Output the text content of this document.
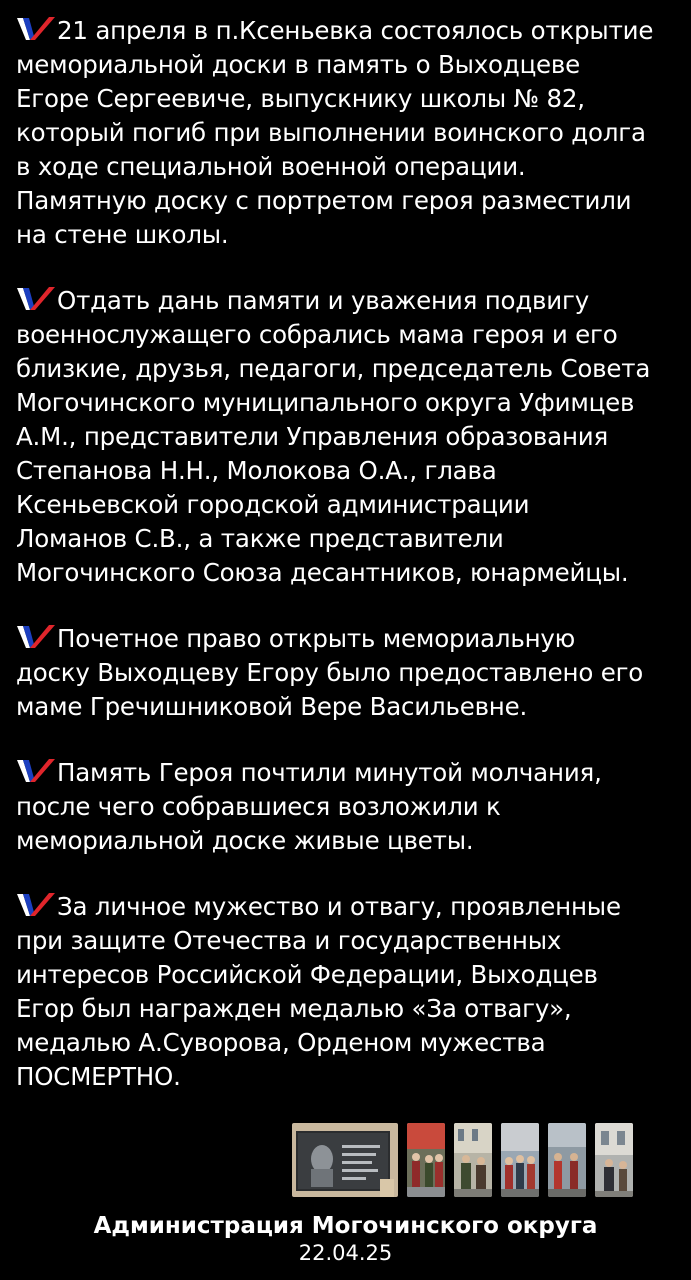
21 апреля в п.Ксеньевка состоялось открытие
мемориальной доски в память о Выходцеве
Егоре Сергеевиче, выпускнику школы № 82,
который погиб при выполнении воинского долга
в ходе специальной военной операции.
Памятную доску с портретом героя разместили
на стене школы.

Отдать дань памяти и уважения подвигу
военнослужащего собрались мама героя и его
близкие, друзья, педагоги, председатель Совета
Могочинского муниципального округа Уфимцев
А.М., представители Управления образования
Степанова Н.Н., Молокова О.А., глава
Ксеньевской городской администрации
Ломанов С.В., а также представители
Могочинского Союза десантников, юнармейцы.

Почетное право открыть мемориальную
доску Выходцеву Егору было предоставлено его
маме Гречишниковой Вере Васильевне.

Память Героя почтили минутой молчания,
после чего собравшиеся возложили к
мемориальной доске живые цветы.

За личное мужество и отвагу, проявленные
при защите Отечества и государственных
интересов Российской Федерации, Выходцев
Егор был награжден медалью «За отвагу»,
медалью А.Суворова, Орденом мужества
ПОСМЕРТНО.

Администрация Могочинского округа
22.04.25
